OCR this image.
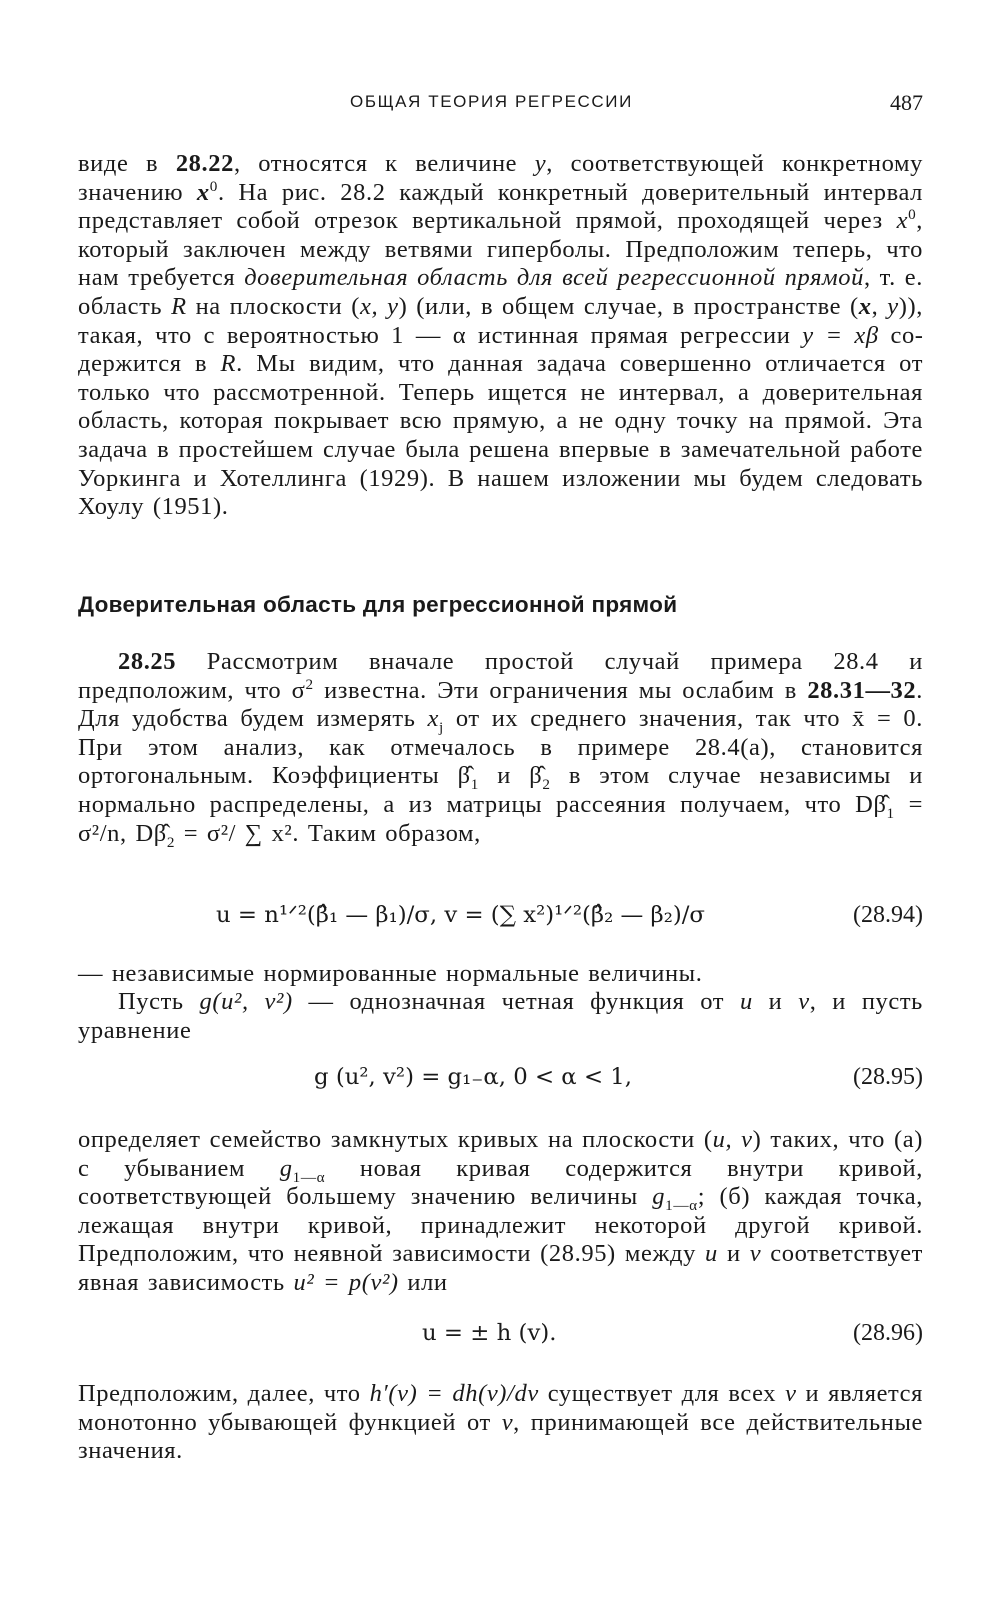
ОБЩАЯ ТЕОРИЯ РЕГРЕССИИ	487
виде в 28.22, относятся к величине y, соответствующей конкретному значению $x^0$. На рис. 28.2 каждый конкретный доверительный интервал представляет собой отрезок вертикальной прямой, проходящей через $x^0$, который заключен между ветвями гиперболы. Предположим теперь, что нам требуется доверительная область для всей регрессионной прямой, т. е. область R на плоскости (x, y) (или, в общем случае, в пространстве (x, y)), такая, что с вероятностью 1 — α истинная прямая регрессии y = xβ содержится в R. Мы видим, что данная задача совершенно отличается от только что рассмотренной. Теперь ищется не интервал, а доверительная область, которая покрывает всю прямую, а не одну точку на прямой. Эта задача в простейшем случае была решена впервые в замечательной работе Уоркинга и Хотеллинга (1929). В нашем изложении мы будем следовать Хоулу (1951).
Доверительная область для регрессионной прямой
28.25 Рассмотрим вначале простой случай примера 28.4 и предположим, что $\sigma^2$ известна. Эти ограничения мы ослабим в 28.31—32. Для удобства будем измерять $x_j$ от их среднего значения, так что x̄ = 0. При этом анализ, как отмечалось в примере 28.4(а), становится ортогональным. Коэффициенты $\betâ_1$ и $\betâ_2$ в этом случае независимы и нормально распределены, а из матрицы рассеяния получаем, что $D\betâ_1 = \sigma^2/n$, $D\betâ_2 = \sigma^2/$ ∑ x². Таким образом,
u = n¹ᐟ²(β̂₁ — β₁)/σ, v = (∑ x²)¹ᐟ²(β̂₂ — β₂)/σ	(28.94)
— независимые нормированные нормальные величины.
Пусть g(u², v²) — однозначная четная функция от u и v, и пусть уравнение
g (u², v²) = g₁₋α, 0 < α < 1,	(28.95)
определяет семейство замкнутых кривых на плоскости (u, v) таких, что (а) с убыванием $g_{1—\alpha}$ новая кривая содержится внутри кривой, соответствующей большему значению величины $g_{1—\alpha}$; (б) каждая точка, лежащая внутри кривой, принадлежит некоторой другой кривой. Предположим, что неявной зависимости (28.95) между u и v соответствует явная зависимость u² = p(v²) или
u = ± h (v).	(28.96)
Предположим, далее, что h′(v) = dh(v)/dv существует для всех v и является монотонно убывающей функцией от v, принимающей все действительные значения.
